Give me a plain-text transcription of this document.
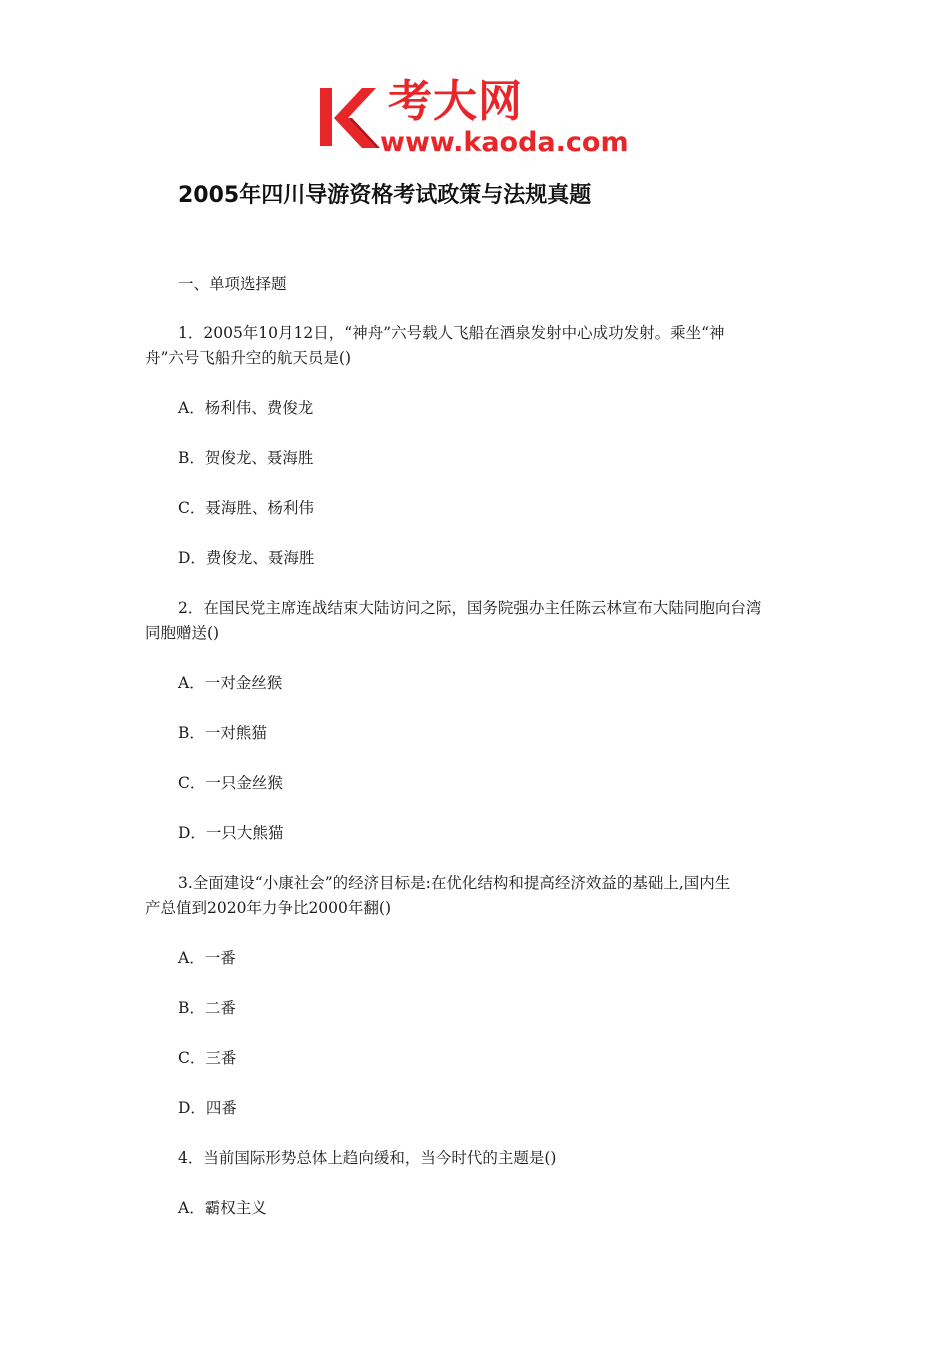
考大网
www.kaoda.com
2005年四川导游资格考试政策与法规真题
一、单项选择题
1．2005年10月12日，“神舟”六号载人飞船在酒泉发射中心成功发射。乘坐“神
舟”六号飞船升空的航天员是()
A．杨利伟、费俊龙
B．贺俊龙、聂海胜
C．聂海胜、杨利伟
D．费俊龙、聂海胜
2．在国民党主席连战结束大陆访问之际，国务院强办主任陈云林宣布大陆同胞向台湾
同胞赠送()
A．一对金丝猴
B．一对熊猫
C．一只金丝猴
D．一只大熊猫
3.全面建设“小康社会”的经济目标是:在优化结构和提高经济效益的基础上,国内生
产总值到2020年力争比2000年翻()
A．一番
B．二番
C．三番
D．四番
4．当前国际形势总体上趋向缓和，当今时代的主题是()
A．霸权主义
